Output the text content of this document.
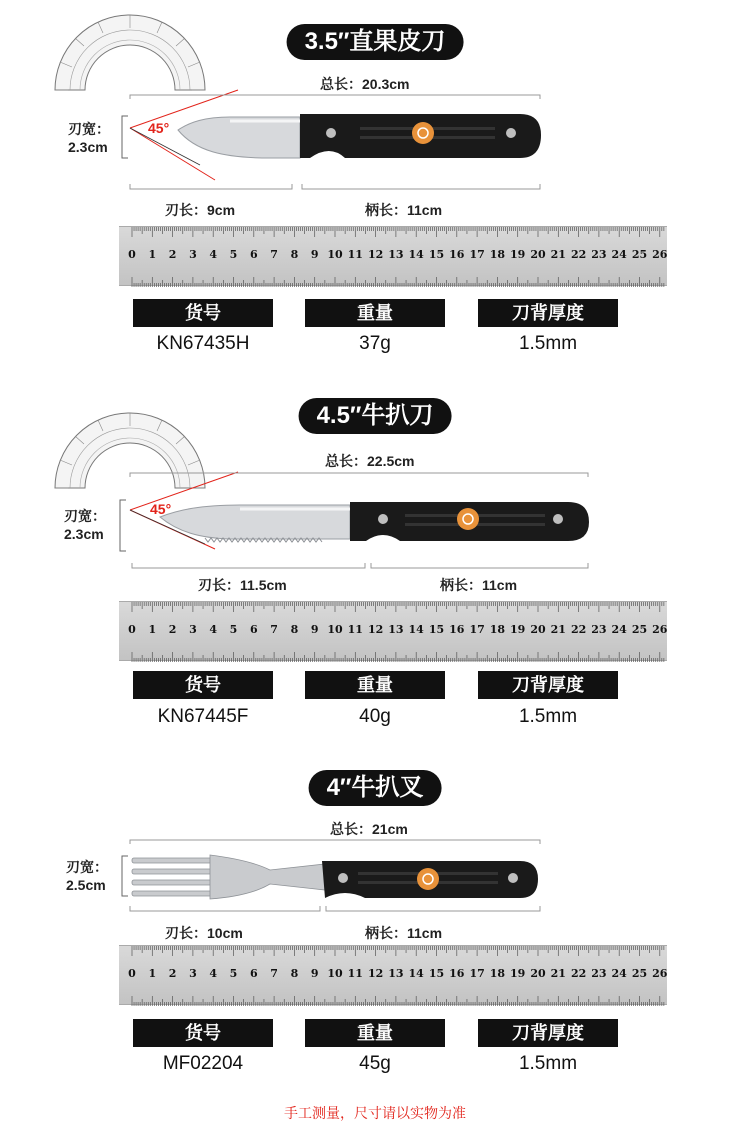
3.5″直果皮刀
总长：20.3cm
刃宽：
2.3cm
45°
刃长：9cm	柄长：11cm
0 1 2 3 4 5 6 7 8 9 10 11 12 13 14 15 16 17 18 19 20 21 22 23 24 25 26
货号	重量	刀背厚度
KN67435H	37g	1.5mm
4.5″牛扒刀
总长：22.5cm
刃宽：
2.3cm
45°
刃长：11.5cm	柄长：11cm
0 1 2 3 4 5 6 7 8 9 10 11 12 13 14 15 16 17 18 19 20 21 22 23 24 25 26
货号	重量	刀背厚度
KN67445F	40g	1.5mm
4″牛扒叉
总长：21cm
刃宽：
2.5cm
刃长：10cm	柄长：11cm
0 1 2 3 4 5 6 7 8 9 10 11 12 13 14 15 16 17 18 19 20 21 22 23 24 25 26
货号	重量	刀背厚度
MF02204	45g	1.5mm
手工测量，尺寸请以实物为准
